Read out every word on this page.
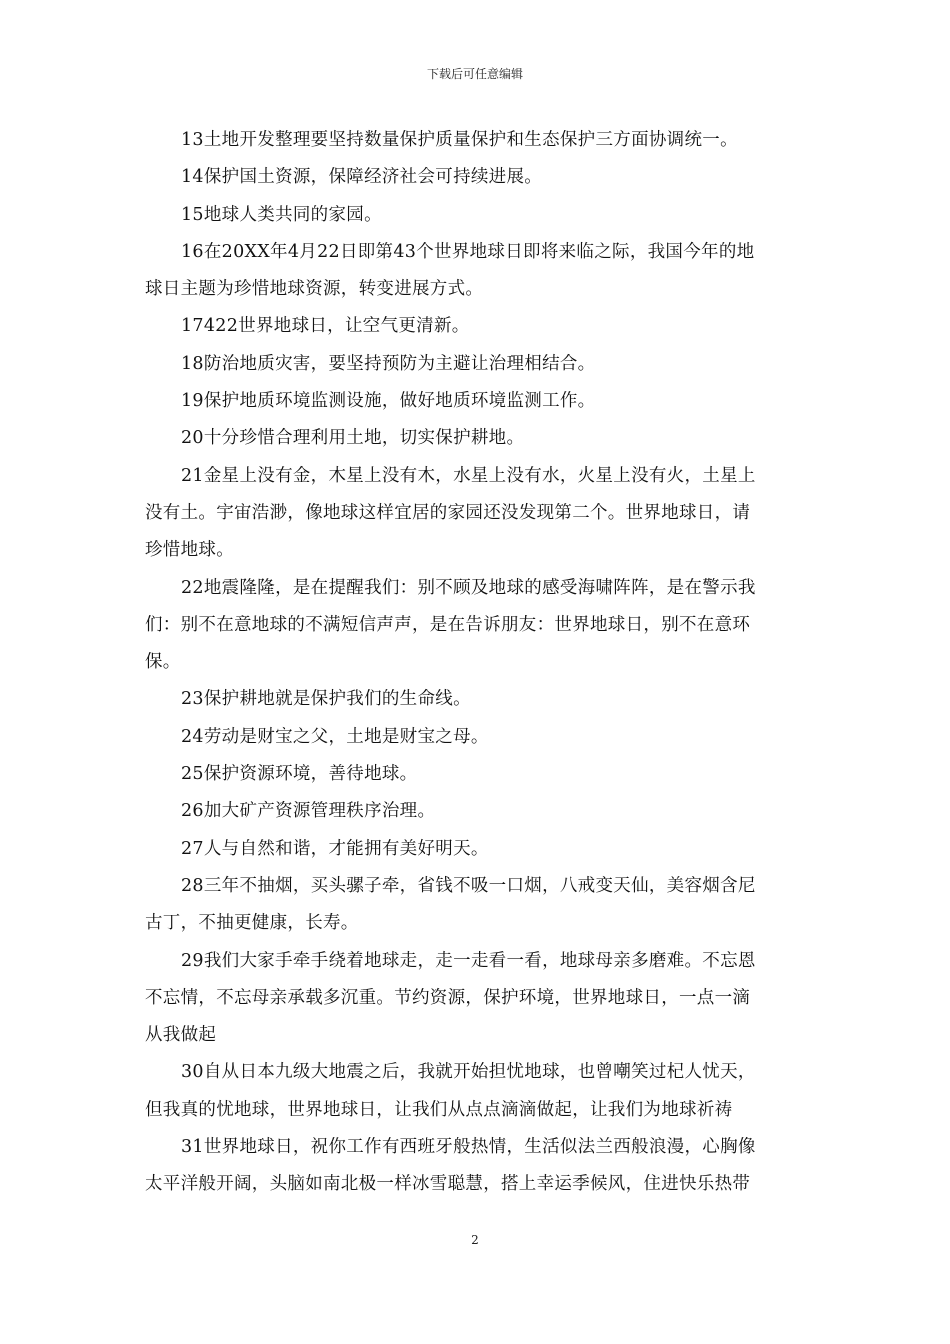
下载后可任意编辑

13土地开发整理要坚持数量保护质量保护和生态保护三方面协调统一。

14保护国土资源，保障经济社会可持续进展。

15地球人类共同的家园。

16在20XX年4月22日即第43个世界地球日即将来临之际，我国今年的地
球日主题为珍惜地球资源，转变进展方式。

17422世界地球日，让空气更清新。

18防治地质灾害，要坚持预防为主避让治理相结合。

19保护地质环境监测设施，做好地质环境监测工作。

20十分珍惜合理利用土地，切实保护耕地。

21金星上没有金，木星上没有木，水星上没有水，火星上没有火，土星上
没有土。宇宙浩渺，像地球这样宜居的家园还没发现第二个。世界地球日，请
珍惜地球。

22地震隆隆，是在提醒我们：别不顾及地球的感受海啸阵阵，是在警示我
们：别不在意地球的不满短信声声，是在告诉朋友：世界地球日，别不在意环
保。

23保护耕地就是保护我们的生命线。

24劳动是财宝之父，土地是财宝之母。

25保护资源环境，善待地球。

26加大矿产资源管理秩序治理。

27人与自然和谐，才能拥有美好明天。

28三年不抽烟，买头骡子牵，省钱不吸一口烟，八戒变天仙，美容烟含尼
古丁，不抽更健康，长寿。

29我们大家手牵手绕着地球走，走一走看一看，地球母亲多磨难。不忘恩
不忘情，不忘母亲承载多沉重。节约资源，保护环境，世界地球日，一点一滴
从我做起

30自从日本九级大地震之后，我就开始担忧地球，也曾嘲笑过杞人忧天，
但我真的忧地球，世界地球日，让我们从点点滴滴做起，让我们为地球祈祷

31世界地球日，祝你工作有西班牙般热情，生活似法兰西般浪漫，心胸像
太平洋般开阔，头脑如南北极一样冰雪聪慧，搭上幸运季候风，住进快乐热带

2
